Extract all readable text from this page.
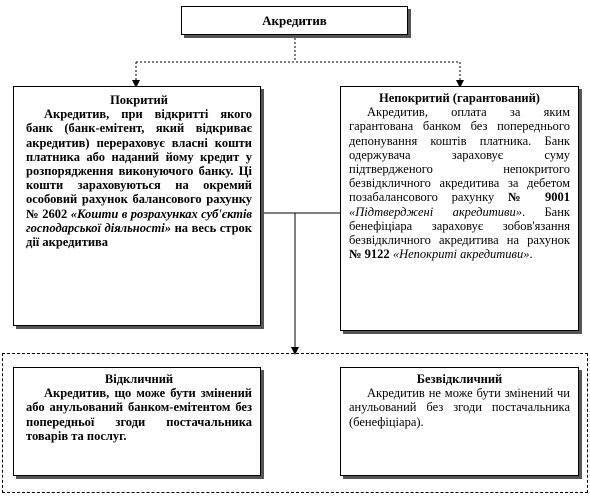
Акредитив
Покритий

Акредитив, при відкритті якого банк (банк-емітент, який відкриває акредитив) перераховує власні кошти платника або наданий йому кредит у розпорядження виконуючого банку. Ці кошти зараховуються на окремий особовий рахунок балансового рахунку № 2602 «Кошти в розрахунках суб'єктів господарської діяльності» на весь строк дії акредитива

Непокритий (гарантований)

Акредитив, оплата за яким гарантована банком без попереднього депонування коштів платника. Банк одержувача зараховує суму підтвердженого непокритого безвідкличного акредитива за дебетом позабалансового рахунку № 9001 «Підтверджені акредитиви». Банк бенефіціара зараховує зобов'язання безвідкличного акредитива на рахунок № 9122 «Непокриті акредитиви».

Відкличний

Акредитив, що може бути змінений або анульований банком-емітентом без попередньої згоди постачальника товарів та послуг.

Безвідкличний

Акредитив не може бути змінений чи анульований без згоди постачальника (бенефіціара).
